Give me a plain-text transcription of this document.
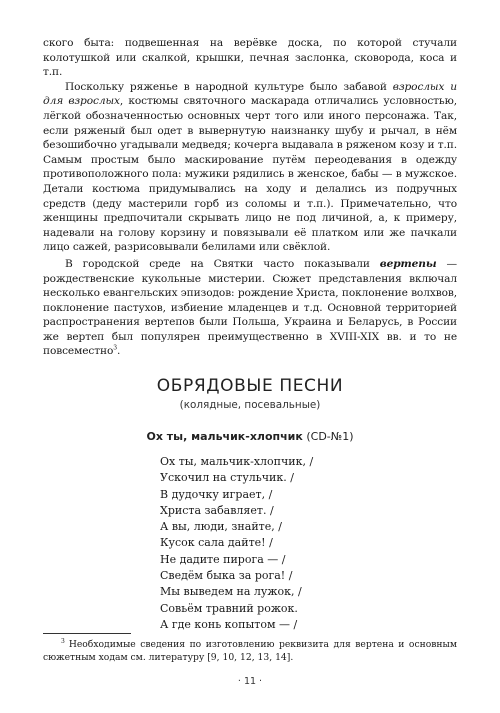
ского быта: подвешенная на верёвке доска, по которой стучали колотушкой или скалкой, крышки, печная заслонка, сковорода, коса и т.п.

Поскольку ряженье в народной культуре было забавой взрослых и для взрослых, костюмы святочного маскарада отличались условностью, лёгкой обозначенностью основных черт того или иного персонажа. Так, если ряженый был одет в вывернутую наизнанку шубу и рычал, в нём безошибочно угадывали медведя; кочерга выдавала в ряженом козу и т.п. Самым простым было маскирование путём переодевания в одежду противоположного пола: мужики рядились в женское, бабы — в мужское. Детали костюма придумывались на ходу и делались из подручных средств (деду мастерили горб из соломы и т.п.). Примечательно, что женщины предпочитали скрывать лицо не под личиной, а, к примеру, надевали на голову корзину и повязывали её платком или же пачкали лицо сажей, разрисовывали белилами или свёклой.

В городской среде на Святки часто показывали вертепы — рождественские кукольные мистерии. Сюжет представления включал несколько евангельских эпизодов: рождение Христа, поклонение волхвов, поклонение пастухов, избиение младенцев и т.д. Основной территорией распространения вертепов были Польша, Украина и Беларусь, в России же вертеп был популярен преимущественно в XVIII-XIX вв. и то не повсеместно$^3$.

ОБРЯДОВЫЕ ПЕСНИ
(колядные, посевальные)
Ох ты, мальчик-хлопчик (CD-№1)
Ох ты, мальчик-хлопчик, /
Ускочил на стульчик. /
В дудочку играет, /
Христа забавляет. /
А вы, люди, знайте, /
Кусок сала дайте! /
Не дадите пирога — /
Сведём быка за рога! /
Мы выведем на лужок, /
Совьём травний рожок.
А где конь копытом — /
$^3$ Необходимые сведения по изготовлению реквизита для вертена и основным сюжетным ходам см. литературу [9, 10, 12, 13, 14].
· 11 ·
